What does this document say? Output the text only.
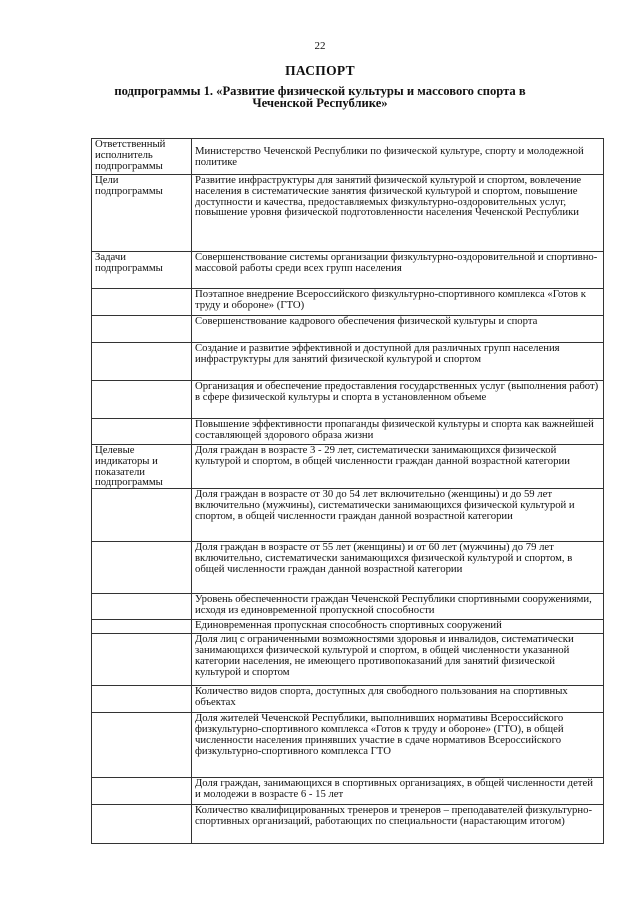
22
ПАСПОРТ
подпрограммы 1. «Развитие физической культуры и массового спорта в Чеченской Республике»
Ответственный исполнитель подпрограммы	Министерство Чеченской Республики по физической культуре, спорту и молодежной политике
Цели подпрограммы	Развитие инфраструктуры для занятий физической культурой и спортом, вовлечение населения в систематические занятия физической культурой и спортом, повышение доступности и качества, предоставляемых физкультурно-оздоровительных услуг, повышение уровня физической подготовленности населения Чеченской Республики
Задачи подпрограммы	Совершенствование системы организации физкультурно-оздоровительной и спортивно-массовой работы среди всех групп населения
	Поэтапное внедрение Всероссийского физкультурно-спортивного комплекса «Готов к труду и обороне» (ГТО)
	Совершенствование кадрового обеспечения физической культуры и спорта
	Создание и развитие эффективной и доступной для различных групп населения инфраструктуры для занятий физической культурой и спортом
	Организация и обеспечение предоставления государственных услуг (выполнения работ) в сфере физической культуры и спорта в установленном объеме
	Повышение эффективности пропаганды физической культуры и спорта как важнейшей составляющей здорового образа жизни
Целевые индикаторы и показатели подпрограммы	Доля граждан в возрасте 3 - 29 лет, систематически занимающихся физической культурой и спортом, в общей численности граждан данной возрастной категории
	Доля граждан в возрасте от 30 до 54 лет включительно (женщины) и до 59 лет включительно (мужчины), систематически занимающихся физической культурой и спортом, в общей численности граждан данной возрастной категории
	Доля граждан в возрасте от 55 лет (женщины) и от 60 лет (мужчины) до 79 лет включительно, систематически занимающихся физической культурой и спортом, в общей численности граждан данной возрастной категории
	Уровень обеспеченности граждан Чеченской Республики спортивными сооружениями, исходя из единовременной пропускной способности
	Единовременная пропускная способность спортивных сооружений
	Доля лиц с ограниченными возможностями здоровья и инвалидов, систематически занимающихся физической культурой и спортом, в общей численности указанной категории населения, не имеющего противопоказаний для занятий физической культурой и спортом
	Количество видов спорта, доступных для свободного пользования на спортивных объектах
	Доля жителей Чеченской Республики, выполнивших нормативы Всероссийского физкультурно-спортивного комплекса «Готов к труду и обороне» (ГТО), в общей численности населения принявших участие в сдаче нормативов Всероссийского физкультурно-спортивного комплекса ГТО
	Доля граждан, занимающихся в спортивных организациях, в общей численности детей и молодежи в возрасте 6 - 15 лет
	Количество квалифицированных тренеров и тренеров – преподавателей физкультурно-спортивных организаций, работающих по специальности (нарастающим итогом)
